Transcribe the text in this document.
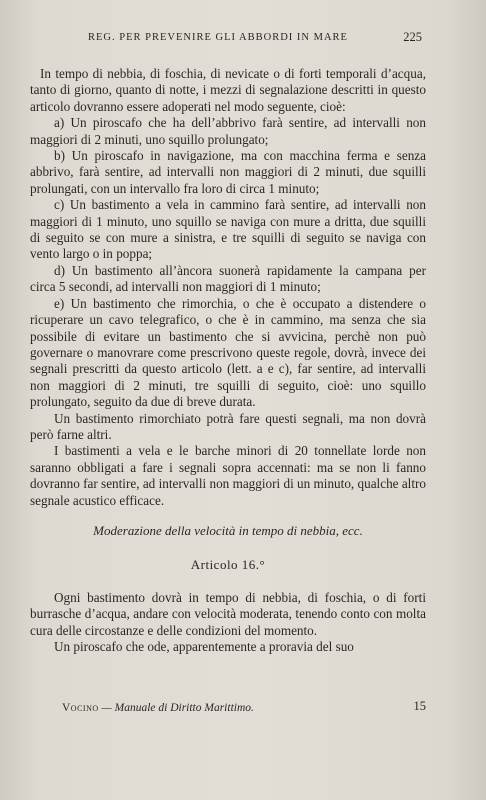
REG. PER PREVENIRE GLI ABBORDI IN MARE	225

In tempo di nebbia, di foschia, di nevicate o di forti temporali d’acqua, tanto di giorno, quanto di notte, i mezzi di segnalazione descritti in questo articolo dovranno essere adoperati nel modo seguente, cioè:

a) Un piroscafo che ha dell’abbrivo farà sentire, ad intervalli non maggiori di 2 minuti, uno squillo prolungato;

b) Un piroscafo in navigazione, ma con macchina ferma e senza abbrivo, farà sentire, ad intervalli non maggiori di 2 minuti, due squilli prolungati, con un intervallo fra loro di circa 1 minuto;

c) Un bastimento a vela in cammino farà sentire, ad intervalli non maggiori di 1 minuto, uno squillo se naviga con mure a dritta, due squilli di seguito se con mure a sinistra, e tre squilli di seguito se naviga con vento largo o in poppa;

d) Un bastimento all’àncora suonerà rapidamente la campana per circa 5 secondi, ad intervalli non maggiori di 1 minuto;

e) Un bastimento che rimorchia, o che è occupato a distendere o ricuperare un cavo telegrafico, o che è in cammino, ma senza che sia possibile di evitare un bastimento che si avvicina, perchè non può governare o manovrare come prescrivono queste regole, dovrà, invece dei segnali prescritti da questo articolo (lett. a e c), far sentire, ad intervalli non maggiori di 2 minuti, tre squilli di seguito, cioè: uno squillo prolungato, seguito da due di breve durata.

Un bastimento rimorchiato potrà fare questi segnali, ma non dovrà però farne altri.

I bastimenti a vela e le barche minori di 20 tonnellate lorde non saranno obbligati a fare i segnali sopra accennati: ma se non li fanno dovranno far sentire, ad intervalli non maggiori di un minuto, qualche altro segnale acustico efficace.

Moderazione della velocità in tempo di nebbia, ecc.

Articolo 16.°

Ogni bastimento dovrà in tempo di nebbia, di foschia, o di forti burrasche d’acqua, andare con velocità moderata, tenendo conto con molta cura delle circostanze e delle condizioni del momento.

Un piroscafo che ode, apparentemente a proravia del suo

Vocino — Manuale di Diritto Marittimo.	15
